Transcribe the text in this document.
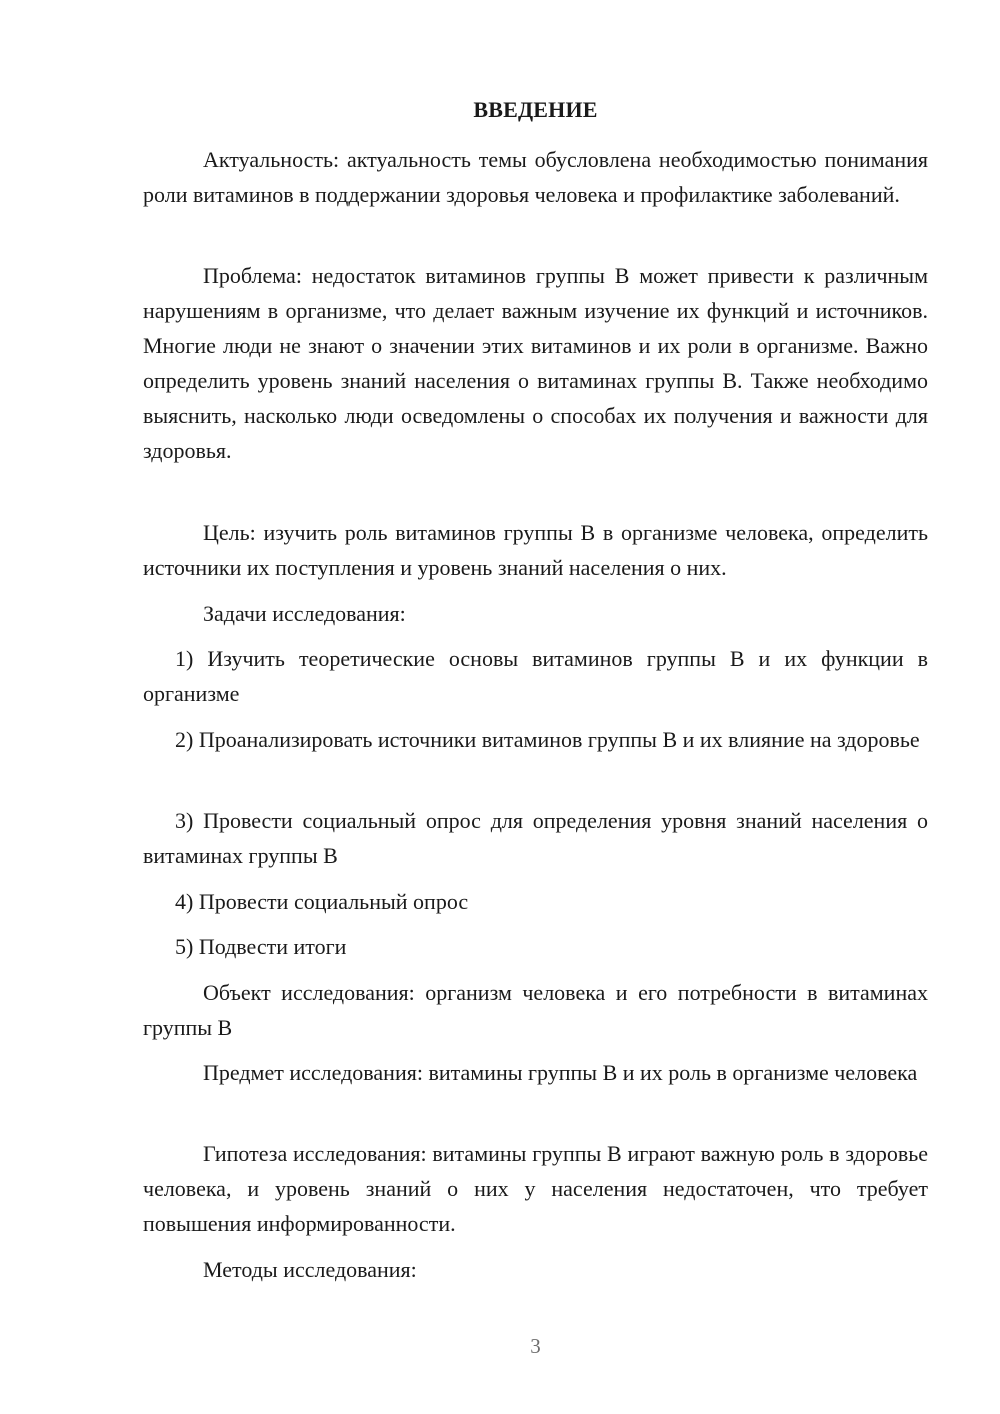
ВВЕДЕНИЕ

Актуальность: актуальность темы обусловлена необходимостью понимания роли витаминов в поддержании здоровья человека и профилактике заболеваний.

Проблема: недостаток витаминов группы В может привести к различным нарушениям в организме, что делает важным изучение их функций и источников. Многие люди не знают о значении этих витаминов и их роли в организме. Важно определить уровень знаний населения о витаминах группы В. Также необходимо выяснить, насколько люди осведомлены о способах их получения и важности для здоровья.

Цель: изучить роль витаминов группы В в организме человека, определить источники их поступления и уровень знаний населения о них.

Задачи исследования:

1) Изучить теоретические основы витаминов группы В и их функции в организме

2) Проанализировать источники витаминов группы В и их влияние на здоровье

3) Провести социальный опрос для определения уровня знаний населения о витаминах группы В

4) Провести социальный опрос

5) Подвести итоги

Объект исследования: организм человека и его потребности в витаминах группы В

Предмет исследования: витамины группы В и их роль в организме человека

Гипотеза исследования: витамины группы В играют важную роль в здоровье человека, и уровень знаний о них у населения недостаточен, что требует повышения информированности.

Методы исследования:

3
